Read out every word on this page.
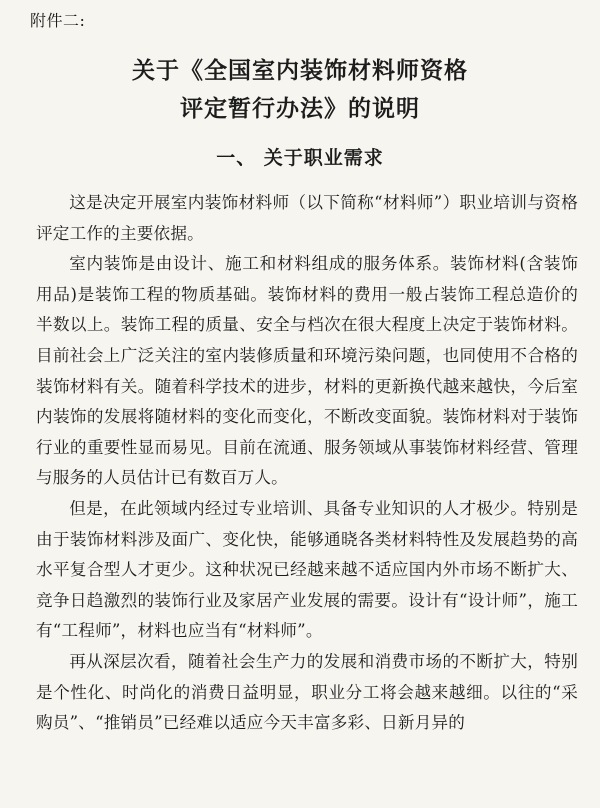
附件二:
关于《全国室内装饰材料师资格
评定暂行办法》的说明
一、 关于职业需求

这是决定开展室内装饰材料师（以下简称“材料师”）职业培训与资格评定工作的主要依据。

室内装饰是由设计、施工和材料组成的服务体系。装饰材料(含装饰用品)是装饰工程的物质基础。装饰材料的费用一般占装饰工程总造价的半数以上。装饰工程的质量、安全与档次在很大程度上决定于装饰材料。目前社会上广泛关注的室内装修质量和环境污染问题，也同使用不合格的装饰材料有关。随着科学技术的进步，材料的更新换代越来越快，今后室内装饰的发展将随材料的变化而变化，不断改变面貌。装饰材料对于装饰行业的重要性显而易见。目前在流通、服务领域从事装饰材料经营、管理与服务的人员估计已有数百万人。

但是，在此领域内经过专业培训、具备专业知识的人才极少。特别是由于装饰材料涉及面广、变化快，能够通晓各类材料特性及发展趋势的高水平复合型人才更少。这种状况已经越来越不适应国内外市场不断扩大、竞争日趋激烈的装饰行业及家居产业发展的需要。设计有“设计师”，施工有“工程师”，材料也应当有“材料师”。

再从深层次看，随着社会生产力的发展和消费市场的不断扩大，特别是个性化、时尚化的消费日益明显，职业分工将会越来越细。以往的“采购员”、“推销员”已经难以适应今天丰富多彩、日新月异的
